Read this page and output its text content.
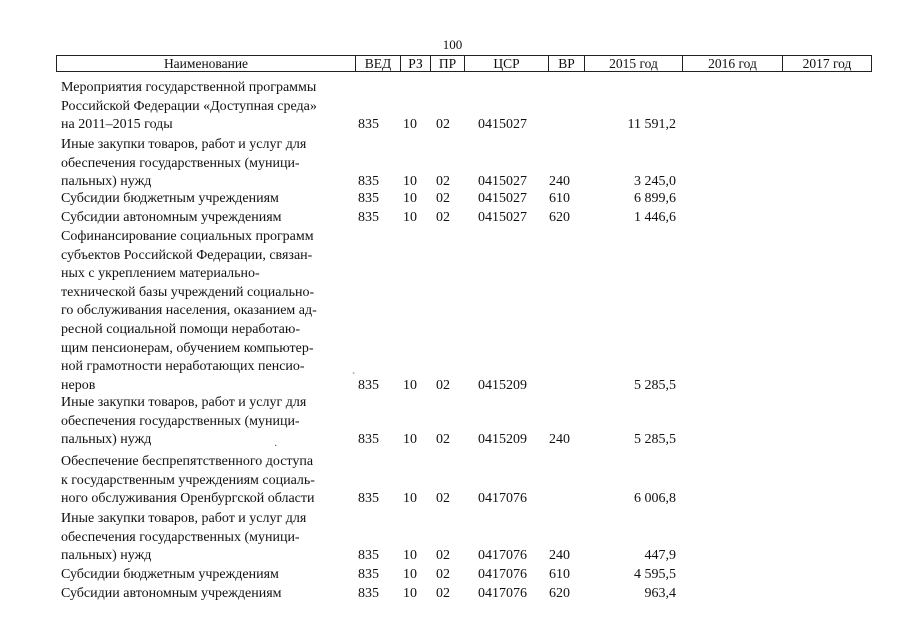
100
Наименование	ВЕД	РЗ	ПР	ЦСР	ВР	2015 год	2016 год	2017 год
Мероприятия государственной программы
Российской Федерации «Доступная среда»
на 2011–2015 годы	835 10 02 0415027	11 591,2
Иные закупки товаров, работ и услуг для
обеспечения государственных (муници-
пальных) нужд	835 10 02 0415027 240	3 245,0
Субсидии бюджетным учреждениям	835 10 02 0415027 610	6 899,6
Субсидии автономным учреждениям	835 10 02 0415027 620	1 446,6
Софинансирование социальных программ
субъектов Российской Федерации, связан-
ных с укреплением материально-
технической базы учреждений социально-
го обслуживания населения, оказанием ад-
ресной социальной помощи неработаю-
щим пенсионерам, обучением компьютер-
ной грамотности неработающих пенсио-
неров	835 10 02 0415209	5 285,5
Иные закупки товаров, работ и услуг для
обеспечения государственных (муници-
пальных) нужд	835 10 02 0415209 240	5 285,5
Обеспечение беспрепятственного доступа
к государственным учреждениям социаль-
ного обслуживания Оренбургской области	835 10 02 0417076	6 006,8
Иные закупки товаров, работ и услуг для
обеспечения государственных (муници-
пальных) нужд	835 10 02 0417076 240	447,9
Субсидии бюджетным учреждениям	835 10 02 0417076 610	4 595,5
Субсидии автономным учреждениям	835 10 02 0417076 620	963,4
ˋ
·
